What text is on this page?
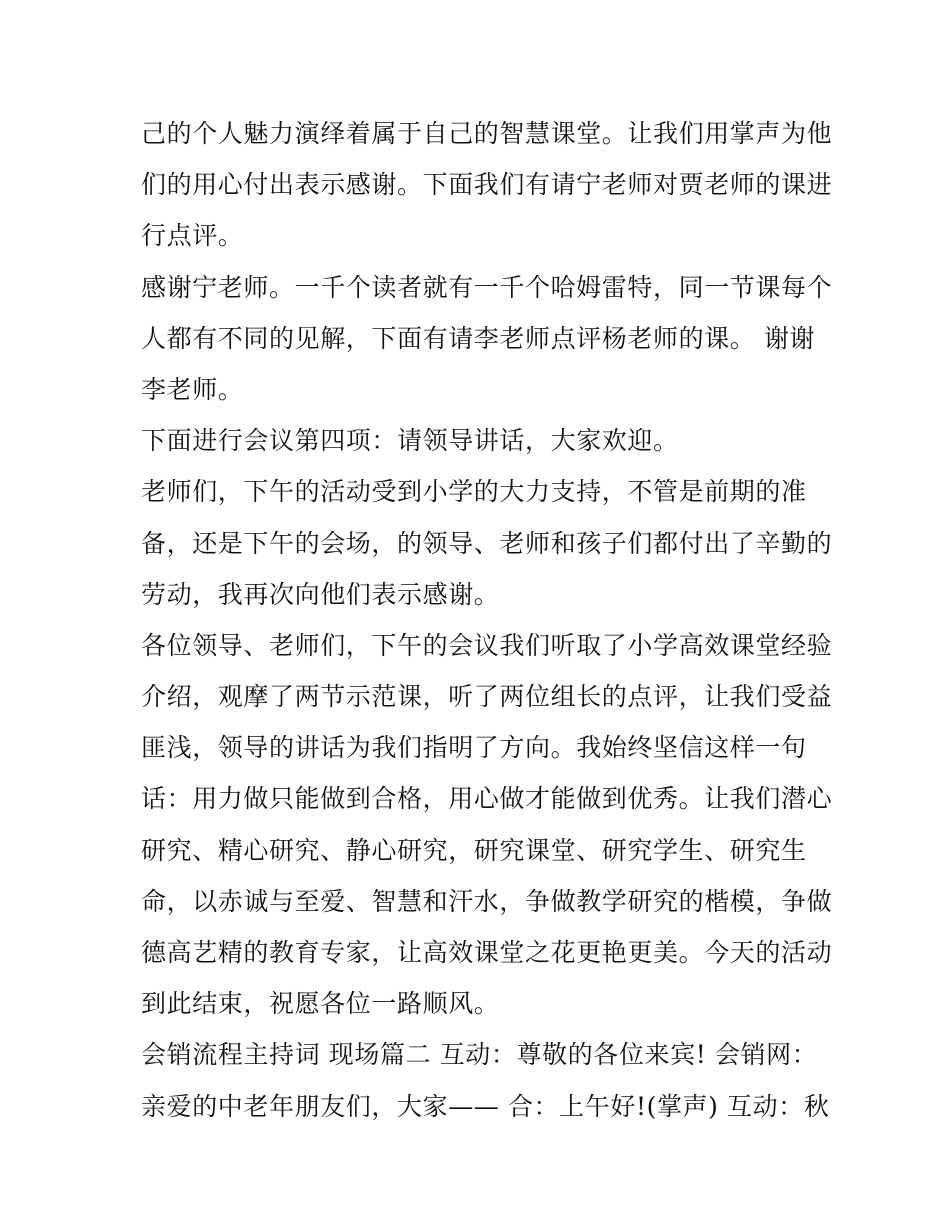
己的个人魅力演绎着属于自己的智慧课堂。让我们用掌声为他
们的用心付出表示感谢。下面我们有请宁老师对贾老师的课进
行点评。
感谢宁老师。一千个读者就有一千个哈姆雷特，同一节课每个
人都有不同的见解，下面有请李老师点评杨老师的课。 谢谢
李老师。
下面进行会议第四项：请领导讲话，大家欢迎。
老师们，下午的活动受到小学的大力支持，不管是前期的准
备，还是下午的会场，的领导、老师和孩子们都付出了辛勤的
劳动，我再次向他们表示感谢。
各位领导、老师们，下午的会议我们听取了小学高效课堂经验
介绍，观摩了两节示范课，听了两位组长的点评，让我们受益
匪浅，领导的讲话为我们指明了方向。我始终坚信这样一句
话：用力做只能做到合格，用心做才能做到优秀。让我们潜心
研究、精心研究、静心研究，研究课堂、研究学生、研究生
命，以赤诚与至爱、智慧和汗水，争做教学研究的楷模，争做
德高艺精的教育专家，让高效课堂之花更艳更美。今天的活动
到此结束，祝愿各位一路顺风。
会销流程主持词 现场篇二 互动：尊敬的各位来宾! 会销网：
亲爱的中老年朋友们，大家—— 合：上午好!(掌声) 互动：秋
